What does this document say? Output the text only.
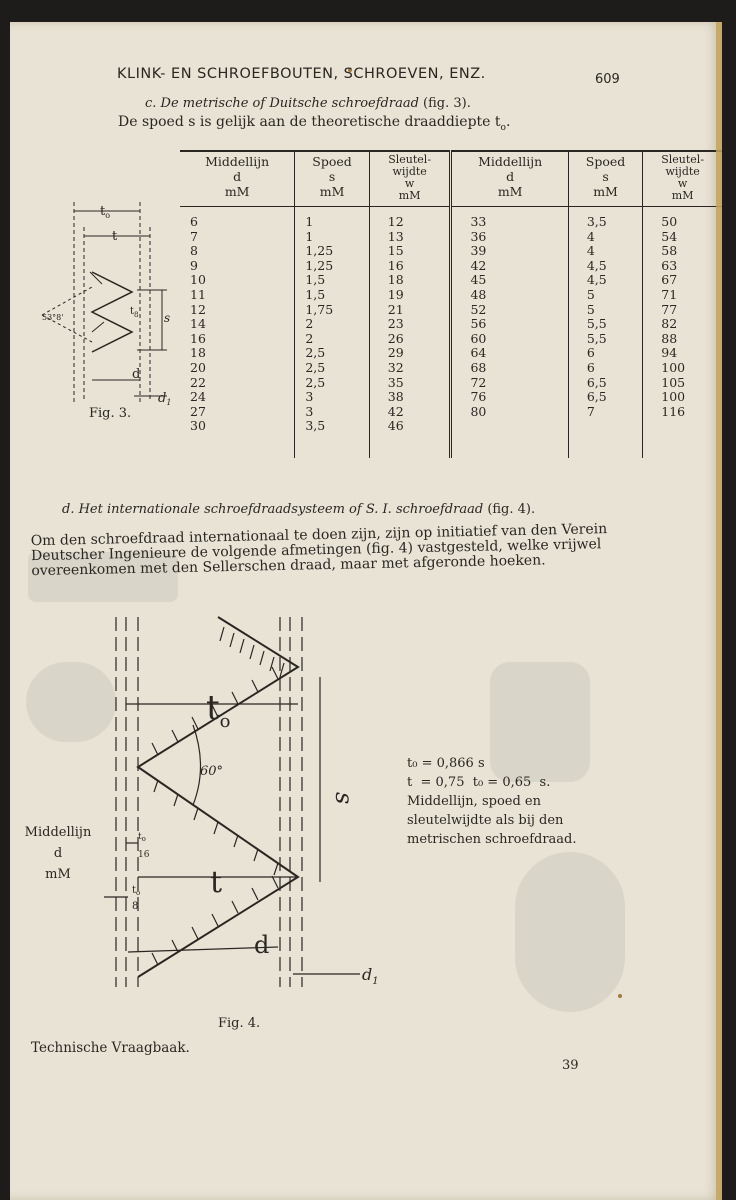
KLINK- EN SCHROEFBOUTEN, SCHROEVEN, ENZ.	609
c. De metrische of Duitsche schroefdraad (fig. 3).
De spoed s is gelijk aan de theoretische draaddiepte $t_o$.
$t_o$
t
53°8'	s
$t_8$
d
$d_1$
Fig. 3.
Middellijn
d
mM	Spoed
s
mM	Sleutel-
wijdte
w
mM	Middellijn
d
mM	Spoed
s
mM	Sleutel-
wijdte
w
mM
6	1	12	33	3,5	50
7	1	13	36	4	54
8	1,25	15	39	4	58
9	1,25	16	42	4,5	63
10	1,5	18	45	4,5	67
11	1,5	19	48	5	71
12	1,75	21	52	5	77
14	2	23	56	5,5	82
16	2	26	60	5,5	88
18	2,5	29	64	6	94
20	2,5	32	68	6	100
22	2,5	35	72	6,5	105
24	3	38	76	6,5	100
27	3	42	80	7	116
30	3,5	46			

d. Het internationale schroefdraadsysteem of S. I. schroefdraad (fig. 4).
Om den schroefdraad internationaal te doen zijn, zijn op initiatief van den Verein Deutscher Ingenieure de volgende afmetingen (fig. 4) vastgesteld, welke vrijwel overeenkomen met den Sellerschen draad, maar met afgeronde hoeken.
$t_o$
60°
s
t
d
$d_1$
$t_o$
16
$t_o$
8
Fig. 4.
Middellijn
d
mM
t₀ = 0,866 s
t  = 0,75  t₀ = 0,65  s.
Middellijn, spoed en sleutelwijdte als bij den metrischen schroefdraad.
Technische Vraagbaak.
39
